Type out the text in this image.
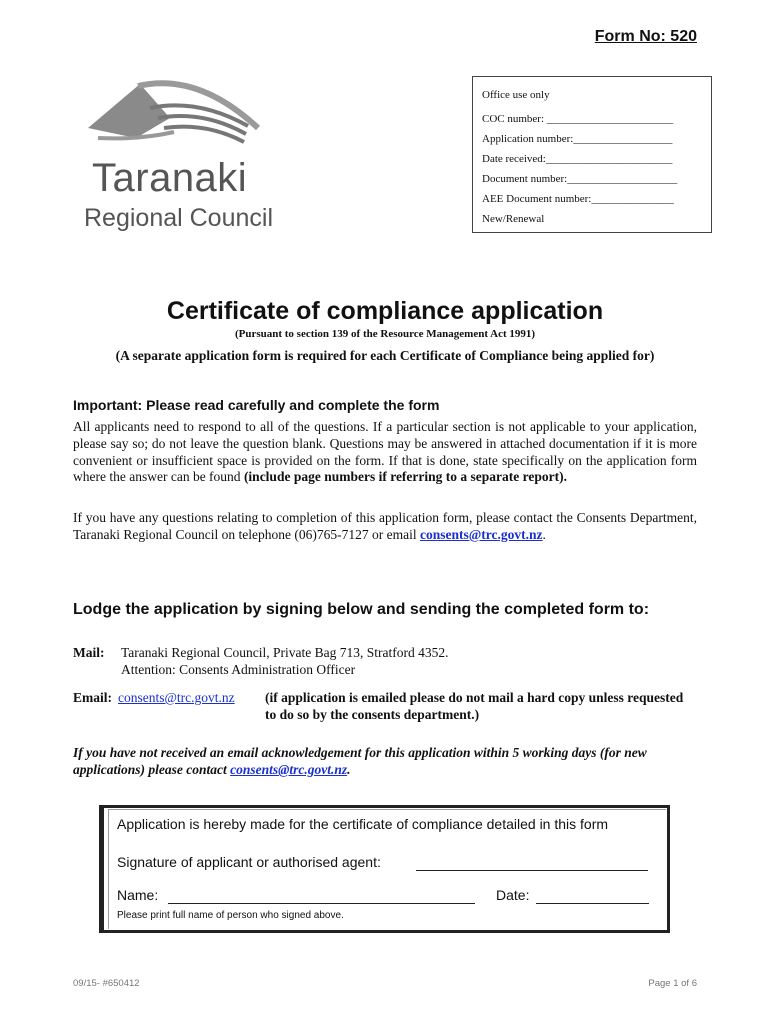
Form No: 520
Taranaki
Regional Council
Office use only
COC number: _______________________
Application number:__________________
Date received:_______________________
Document number:____________________
AEE Document number:_______________
New/Renewal
Certificate of compliance application
(Pursuant to section 139 of the Resource Management Act 1991)
(A separate application form is required for each Certificate of Compliance being applied for)
Important: Please read carefully and complete the form
All applicants need to respond to all of the questions. If a particular section is not applicable to your application, please say so; do not leave the question blank. Questions may be answered in attached documentation if it is more convenient or insufficient space is provided on the form. If that is done, state specifically on the application form where the answer can be found (include page numbers if referring to a separate report).
If you have any questions relating to completion of this application form, please contact the Consents Department, Taranaki Regional Council on telephone (06)765-7127 or email consents@trc.govt.nz.
Lodge the application by signing below and sending the completed form to:
Mail: Taranaki Regional Council, Private Bag 713, Stratford 4352.
Attention: Consents Administration Officer
Email: consents@trc.govt.nz (if application is emailed please do not mail a hard copy unless requested to do so by the consents department.)
If you have not received an email acknowledgement for this application within 5 working days (for new applications) please contact consents@trc.govt.nz.
Application is hereby made for the certificate of compliance detailed in this form
Signature of applicant or authorised agent:
Name:	Date:
Please print full name of person who signed above.
09/15- #650412	Page 1 of 6
